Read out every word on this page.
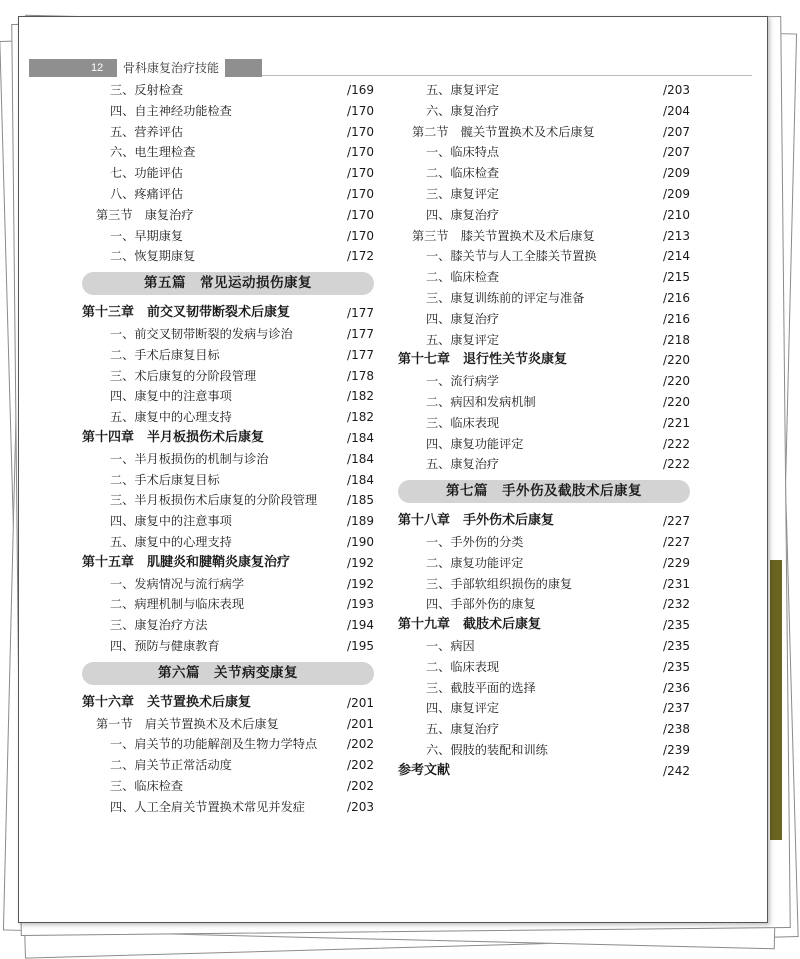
12	骨科康复治疗技能
三、反射检查	/169
四、自主神经功能检查	/170
五、营养评估	/170
六、电生理检查	/170
七、功能评估	/170
八、疼痛评估	/170
第三节　康复治疗	/170
一、早期康复	/170
二、恢复期康复	/172
第五篇　常见运动损伤康复
第十三章　前交叉韧带断裂术后康复	/177
一、前交叉韧带断裂的发病与诊治	/177
二、手术后康复目标	/177
三、术后康复的分阶段管理	/178
四、康复中的注意事项	/182
五、康复中的心理支持	/182
第十四章　半月板损伤术后康复	/184
一、半月板损伤的机制与诊治	/184
二、手术后康复目标	/184
三、半月板损伤术后康复的分阶段管理 /185
四、康复中的注意事项	/189
五、康复中的心理支持	/190
第十五章　肌腱炎和腱鞘炎康复治疗	/192
一、发病情况与流行病学	/192
二、病理机制与临床表现	/193
三、康复治疗方法	/194
四、预防与健康教育	/195
第六篇　关节病变康复
第十六章　关节置换术后康复	/201
第一节　肩关节置换术及术后康复	/201
一、肩关节的功能解剖及生物力学特点 /202
二、肩关节正常活动度	/202
三、临床检查	/202
四、人工全肩关节置换术常见并发症	/203
五、康复评定	/203
六、康复治疗	/204
第二节　髋关节置换术及术后康复	/207
一、临床特点	/207
二、临床检查	/209
三、康复评定	/209
四、康复治疗	/210
第三节　膝关节置换术及术后康复	/213
一、膝关节与人工全膝关节置换	/214
二、临床检查	/215
三、康复训练前的评定与准备	/216
四、康复治疗	/216
五、康复评定	/218
第十七章　退行性关节炎康复	/220
一、流行病学	/220
二、病因和发病机制	/220
三、临床表现	/221
四、康复功能评定	/222
五、康复治疗	/222
第七篇　手外伤及截肢术后康复
第十八章　手外伤术后康复	/227
一、手外伤的分类	/227
二、康复功能评定	/229
三、手部软组织损伤的康复	/231
四、手部外伤的康复	/232
第十九章　截肢术后康复	/235
一、病因	/235
二、临床表现	/235
三、截肢平面的选择	/236
四、康复评定	/237
五、康复治疗	/238
六、假肢的装配和训练	/239
参考文献	/242
